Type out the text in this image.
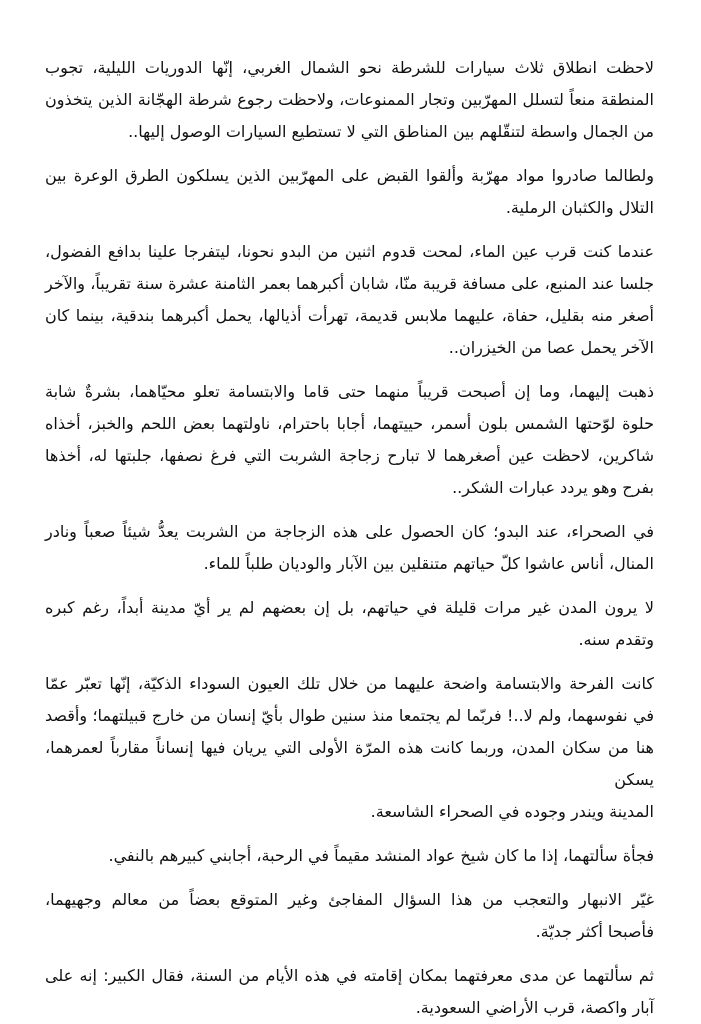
لاحظت انطلاق ثلاث سيارات للشرطة نحو الشمال الغربي، إنّها الدوريات الليلية، تجوب
المنطقة منعاً لتسلل المهرّبين وتجار الممنوعات، ولاحظت رجوع شرطة الهجّانة الذين يتخذون
من الجمال واسطة لتنقّلهم بين المناطق التي لا تستطيع السيارات الوصول إليها..

ولطالما صادروا مواد مهرّبة وألقوا القبض على المهرّبين الذين يسلكون الطرق الوعرة بين
التلال والكثبان الرملية.

عندما كنت قرب عين الماء، لمحت قدوم اثنين من البدو نحونا، ليتفرجا علينا بدافع الفضول،
جلسا عند المنبع، على مسافة قريبة منّا، شابان أكبرهما بعمر الثامنة عشرة سنة تقريباً، والآخر
أصغر منه بقليل، حفاة، عليهما ملابس قديمة، تهرأت أذيالها، يحمل أكبرهما بندقية، بينما كان
الآخر يحمل عصا من الخيزران..

ذهبت إليهما، وما إن أصبحت قريباً منهما حتى قاما والابتسامة تعلو محيّاهما، بشرةٌ شابة
حلوة لوّحتها الشمس بلون أسمر، حييتهما، أجابا باحترام، ناولتهما بعض اللحم والخبز، أخذاه
شاكرين، لاحظت عين أصغرهما لا تبارح زجاجة الشربت التي فرغ نصفها، جلبتها له، أخذها
بفرح وهو يردد عبارات الشكر..

في الصحراء، عند البدو؛ كان الحصول على هذه الزجاجة من الشربت يعدُّ شيئاً صعباً ونادر
المنال، أناس عاشوا كلّ حياتهم متنقلين بين الآبار والوديان طلباً للماء.

لا يرون المدن غير مرات قليلة في حياتهم، بل إن بعضهم لم ير أيّ مدينة أبداً، رغم كبره
وتقدم سنه.

كانت الفرحة والابتسامة واضحة عليهما من خلال تلك العيون السوداء الذكيّة، إنّها تعبّر عمّا
في نفوسهما، ولم لا..! فربّما لم يجتمعا منذ سنين طوال بأيّ إنسان من خارج قبيلتهما؛ وأقصد
هنا من سكان المدن، وربما كانت هذه المرّة الأولى التي يريان فيها إنساناً مقارباً لعمرهما، يسكن
المدينة ويندر وجوده في الصحراء الشاسعة.

فجأة سألتهما، إذا ما كان شيخ عواد المنشد مقيماً في الرحبة، أجابني كبيرهم بالنفي.

غيّر الانبهار والتعجب من هذا السؤال المفاجئ وغير المتوقع بعضاً من معالم وجهيهما،
فأصبحا أكثر جديّة.

ثم سألتهما عن مدى معرفتهما بمكان إقامته في هذه الأيام من السنة، فقال الكبير: إنه على
آبار واكصة، قرب الأراضي السعودية.
